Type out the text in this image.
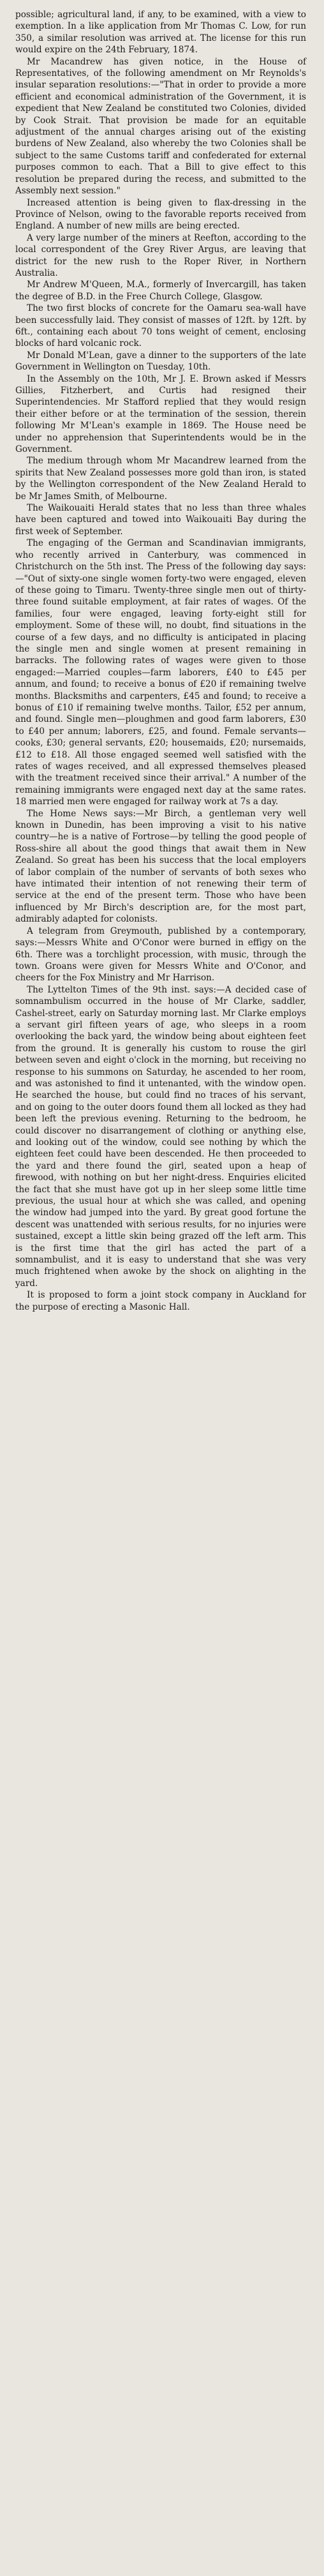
possible; agricultural land, if any, to be examined, with a view to exemption. In a like application from Mr Thomas C. Low, for run 350, a similar resolution was arrived at. The license for this run would expire on the 24th February, 1874.

Mr Macandrew has given notice, in the House of Representatives, of the following amendment on Mr Reynolds's insular separation resolutions:—"That in order to provide a more efficient and economical administration of the Government, it is expedient that New Zealand be constituted two Colonies, divided by Cook Strait. That provision be made for an equitable adjustment of the annual charges arising out of the existing burdens of New Zealand, also whereby the two Colonies shall be subject to the same Customs tariff and confederated for external purposes common to each. That a Bill to give effect to this resolution be prepared during the recess, and submitted to the Assembly next session."

Increased attention is being given to flax-dressing in the Province of Nelson, owing to the favorable reports received from England. A number of new mills are being erected.

A very large number of the miners at Reefton, according to the local correspondent of the Grey River Argus, are leaving that district for the new rush to the Roper River, in Northern Australia.

Mr Andrew M'Queen, M.A., formerly of Invercargill, has taken the degree of B.D. in the Free Church College, Glasgow.

The two first blocks of concrete for the Oamaru sea-wall have been successfully laid. They consist of masses of 12ft. by 12ft. by 6ft., containing each about 70 tons weight of cement, enclosing blocks of hard volcanic rock.

Mr Donald M'Lean, gave a dinner to the supporters of the late Government in Wellington on Tuesday, 10th.

In the Assembly on the 10th, Mr J. E. Brown asked if Messrs Gillies, Fitzherbert, and Curtis had resigned their Superintendencies. Mr Stafford replied that they would resign their either before or at the termination of the session, therein following Mr M'Lean's example in 1869. The House need be under no apprehension that Superintendents would be in the Government.

The medium through whom Mr Macandrew learned from the spirits that New Zealand possesses more gold than iron, is stated by the Wellington correspondent of the New Zealand Herald to be Mr James Smith, of Melbourne.

The Waikouaiti Herald states that no less than three whales have been captured and towed into Waikouaiti Bay during the first week of September.

The engaging of the German and Scandinavian immigrants, who recently arrived in Canterbury, was commenced in Christchurch on the 5th inst. The Press of the following day says:—"Out of sixty-one single women forty-two were engaged, eleven of these going to Timaru. Twenty-three single men out of thirty-three found suitable employment, at fair rates of wages. Of the families, four were engaged, leaving forty-eight still for employment. Some of these will, no doubt, find situations in the course of a few days, and no difficulty is anticipated in placing the single men and single women at present remaining in barracks. The following rates of wages were given to those engaged:—Married couples—farm laborers, £40 to £45 per annum, and found; to receive a bonus of £20 if remaining twelve months. Blacksmiths and carpenters, £45 and found; to receive a bonus of £10 if remaining twelve months. Tailor, £52 per annum, and found. Single men—ploughmen and good farm laborers, £30 to £40 per annum; laborers, £25, and found. Female servants—cooks, £30; general servants, £20; housemaids, £20; nursemaids, £12 to £18. All those engaged seemed well satisfied with the rates of wages received, and all expressed themselves pleased with the treatment received since their arrival." A number of the remaining immigrants were engaged next day at the same rates. 18 married men were engaged for railway work at 7s a day.

The Home News says:—Mr Birch, a gentleman very well known in Dunedin, has been improving a visit to his native country—he is a native of Fortrose—by telling the good people of Ross-shire all about the good things that await them in New Zealand. So great has been his success that the local employers of labor complain of the number of servants of both sexes who have intimated their intention of not renewing their term of service at the end of the present term. Those who have been influenced by Mr Birch's description are, for the most part, admirably adapted for colonists.

A telegram from Greymouth, published by a contemporary, says:—Messrs White and O'Conor were burned in effigy on the 6th. There was a torchlight procession, with music, through the town. Groans were given for Messrs White and O'Conor, and cheers for the Fox Ministry and Mr Harrison.

The Lyttelton Times of the 9th inst. says:—A decided case of somnambulism occurred in the house of Mr Clarke, saddler, Cashel-street, early on Saturday morning last. Mr Clarke employs a servant girl fifteen years of age, who sleeps in a room overlooking the back yard, the window being about eighteen feet from the ground. It is generally his custom to rouse the girl between seven and eight o'clock in the morning, but receiving no response to his summons on Saturday, he ascended to her room, and was astonished to find it untenanted, with the window open. He searched the house, but could find no traces of his servant, and on going to the outer doors found them all locked as they had been left the previous evening. Returning to the bedroom, he could discover no disarrangement of clothing or anything else, and looking out of the window, could see nothing by which the eighteen feet could have been descended. He then proceeded to the yard and there found the girl, seated upon a heap of firewood, with nothing on but her night-dress. Enquiries elicited the fact that she must have got up in her sleep some little time previous, the usual hour at which she was called, and opening the window had jumped into the yard. By great good fortune the descent was unattended with serious results, for no injuries were sustained, except a little skin being grazed off the left arm. This is the first time that the girl has acted the part of a somnambulist, and it is easy to understand that she was very much frightened when awoke by the shock on alighting in the yard.

It is proposed to form a joint stock company in Auckland for the purpose of erecting a Masonic Hall.
